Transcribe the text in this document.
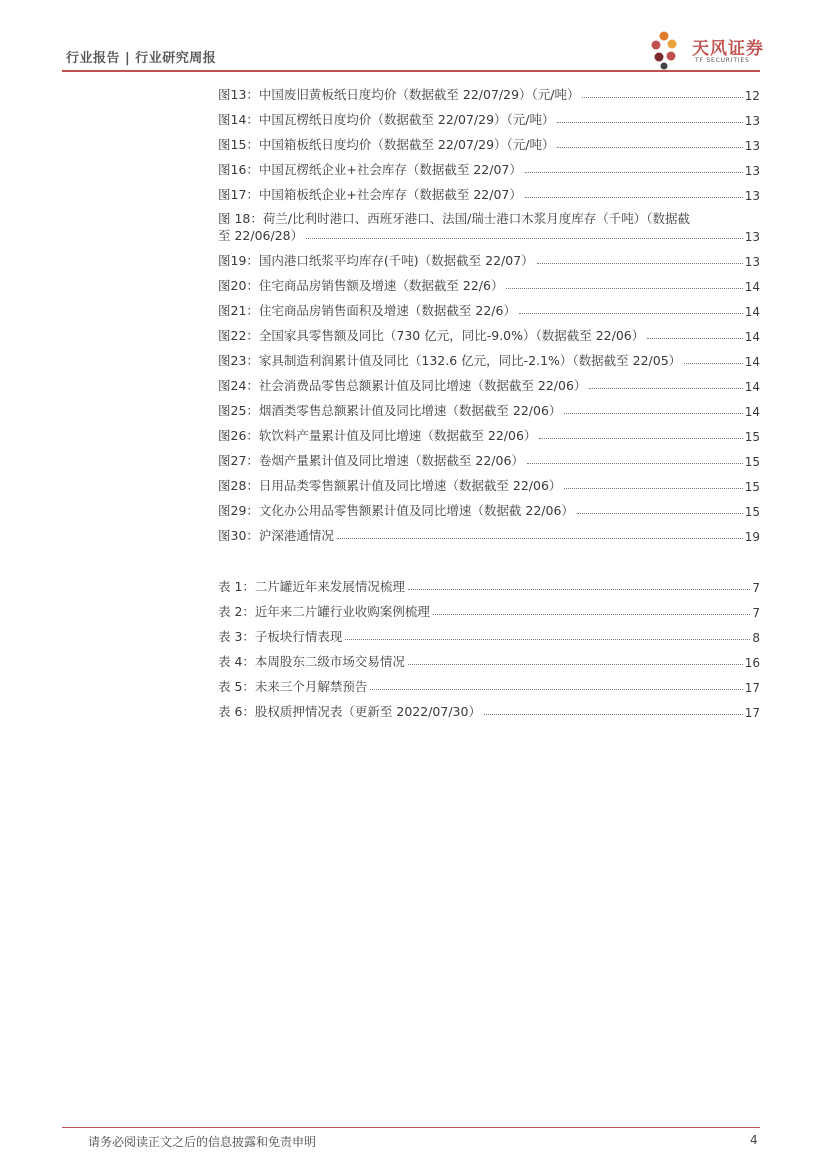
行业报告 | 行业研究周报	天风证券
TF SECURITIES
图13：中国废旧黄板纸日度均价（数据截至 22/07/29）（元/吨）	12
图14：中国瓦楞纸日度均价（数据截至 22/07/29）（元/吨）	13
图15：中国箱板纸日度均价（数据截至 22/07/29）（元/吨）	13
图16：中国瓦楞纸企业+社会库存（数据截至 22/07）	13
图17：中国箱板纸企业+社会库存（数据截至 22/07）	13
图 18：荷兰/比利时港口、西班牙港口、法国/瑞士港口木浆月度库存（千吨）（数据截
至 22/06/28）	13
图19：国内港口纸浆平均库存(千吨)（数据截至 22/07）	13
图20：住宅商品房销售额及增速（数据截至 22/6）	14
图21：住宅商品房销售面积及增速（数据截至 22/6）	14
图22：全国家具零售额及同比（730 亿元，同比-9.0%）（数据截至 22/06）	14
图23：家具制造利润累计值及同比（132.6 亿元，同比-2.1%）（数据截至 22/05）	14
图24：社会消费品零售总额累计值及同比增速（数据截至 22/06）	14
图25：烟酒类零售总额累计值及同比增速（数据截至 22/06）	14
图26：软饮料产量累计值及同比增速（数据截至 22/06）	15
图27：卷烟产量累计值及同比增速（数据截至 22/06）	15
图28：日用品类零售额累计值及同比增速（数据截至 22/06）	15
图29：文化办公用品零售额累计值及同比增速（数据截 22/06）	15
图30：沪深港通情况	19
表 1：二片罐近年来发展情况梳理	7
表 2：近年来二片罐行业收购案例梳理	7
表 3：子板块行情表现	8
表 4：本周股东二级市场交易情况	16
表 5：未来三个月解禁预告	17
表 6：股权质押情况表（更新至 2022/07/30）	17
请务必阅读正文之后的信息披露和免责申明	4
